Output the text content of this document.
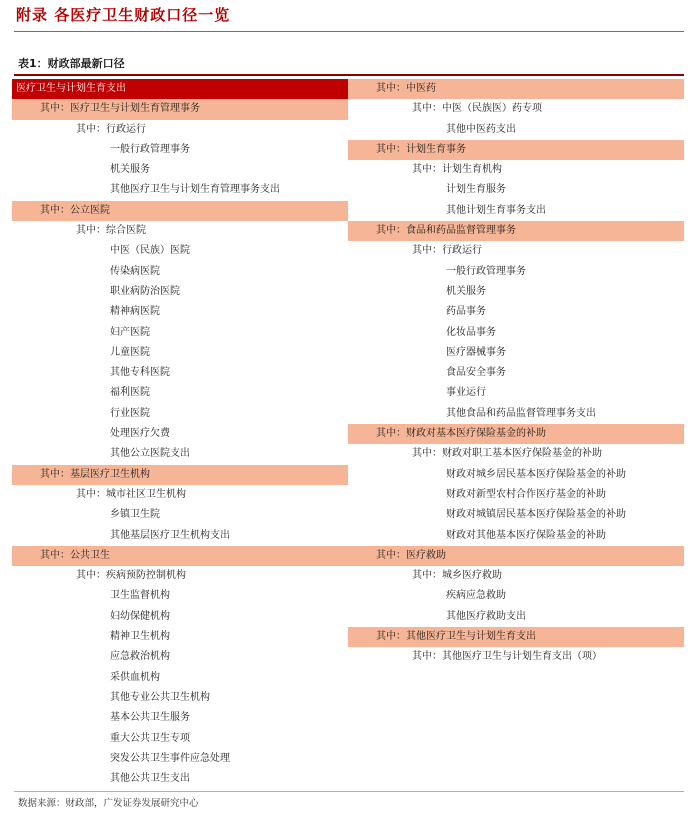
附录 各医疗卫生财政口径一览
表1：财政部最新口径
医疗卫生与计划生育支出
其中：医疗卫生与计划生育管理事务
其中：行政运行
一般行政管理事务
机关服务
其他医疗卫生与计划生育管理事务支出
其中：公立医院
其中：综合医院
中医（民族）医院
传染病医院
职业病防治医院
精神病医院
妇产医院
儿童医院
其他专科医院
福利医院
行业医院
处理医疗欠费
其他公立医院支出
其中：基层医疗卫生机构
其中：城市社区卫生机构
乡镇卫生院
其他基层医疗卫生机构支出
其中：公共卫生
其中：疾病预防控制机构
卫生监督机构
妇幼保健机构
精神卫生机构
应急救治机构
采供血机构
其他专业公共卫生机构
基本公共卫生服务
重大公共卫生专项
突发公共卫生事件应急处理
其他公共卫生支出
其中：中医药
其中：中医（民族医）药专项
其他中医药支出
其中：计划生育事务
其中：计划生育机构
计划生育服务
其他计划生育事务支出
其中：食品和药品监督管理事务
其中：行政运行
一般行政管理事务
机关服务
药品事务
化妆品事务
医疗器械事务
食品安全事务
事业运行
其他食品和药品监督管理事务支出
其中：财政对基本医疗保险基金的补助
其中：财政对职工基本医疗保险基金的补助
财政对城乡居民基本医疗保险基金的补助
财政对新型农村合作医疗基金的补助
财政对城镇居民基本医疗保险基金的补助
财政对其他基本医疗保险基金的补助
其中：医疗救助
其中：城乡医疗救助
疾病应急救助
其他医疗救助支出
其中：其他医疗卫生与计划生育支出
其中：其他医疗卫生与计划生育支出（项）
数据来源：财政部，广发证券发展研究中心
